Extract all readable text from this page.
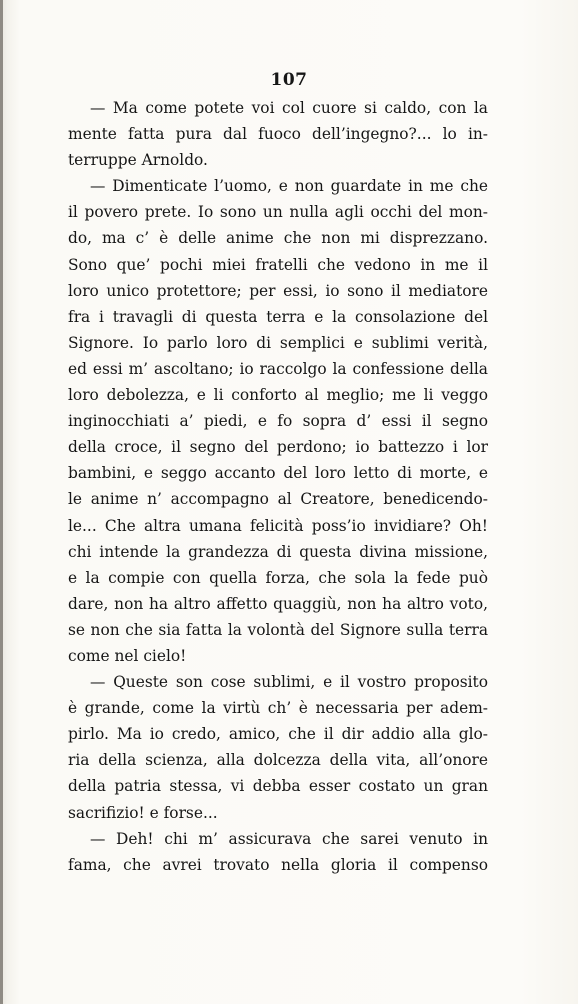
107
— Ma come potete voi col cuore si caldo, con la
mente fatta pura dal fuoco dell’ingegno?... lo in-
terruppe Arnoldo.
— Dimenticate l’uomo, e non guardate in me che
il povero prete. Io sono un nulla agli occhi del mon-
do, ma c’ è delle anime che non mi disprezzano.
Sono que’ pochi miei fratelli che vedono in me il
loro unico protettore; per essi, io sono il mediatore
fra i travagli di questa terra e la consolazione del
Signore. Io parlo loro di semplici e sublimi verità,
ed essi m’ ascoltano; io raccolgo la confessione della
loro debolezza, e li conforto al meglio; me li veggo
inginocchiati a’ piedi, e fo sopra d’ essi il segno
della croce, il segno del perdono; io battezzo i lor
bambini, e seggo accanto del loro letto di morte, e
le anime n’ accompagno al Creatore, benedicendo-
le... Che altra umana felicità poss’io invidiare? Oh!
chi intende la grandezza di questa divina missione,
e la compie con quella forza, che sola la fede può
dare, non ha altro affetto quaggiù, non ha altro voto,
se non che sia fatta la volontà del Signore sulla terra
come nel cielo!
— Queste son cose sublimi, e il vostro proposito
è grande, come la virtù ch’ è necessaria per adem-
pirlo. Ma io credo, amico, che il dir addio alla glo-
ria della scienza, alla dolcezza della vita, all’onore
della patria stessa, vi debba esser costato un gran
sacrifizio! e forse...
— Deh! chi m’ assicurava che sarei venuto in
fama, che avrei trovato nella gloria il compenso
